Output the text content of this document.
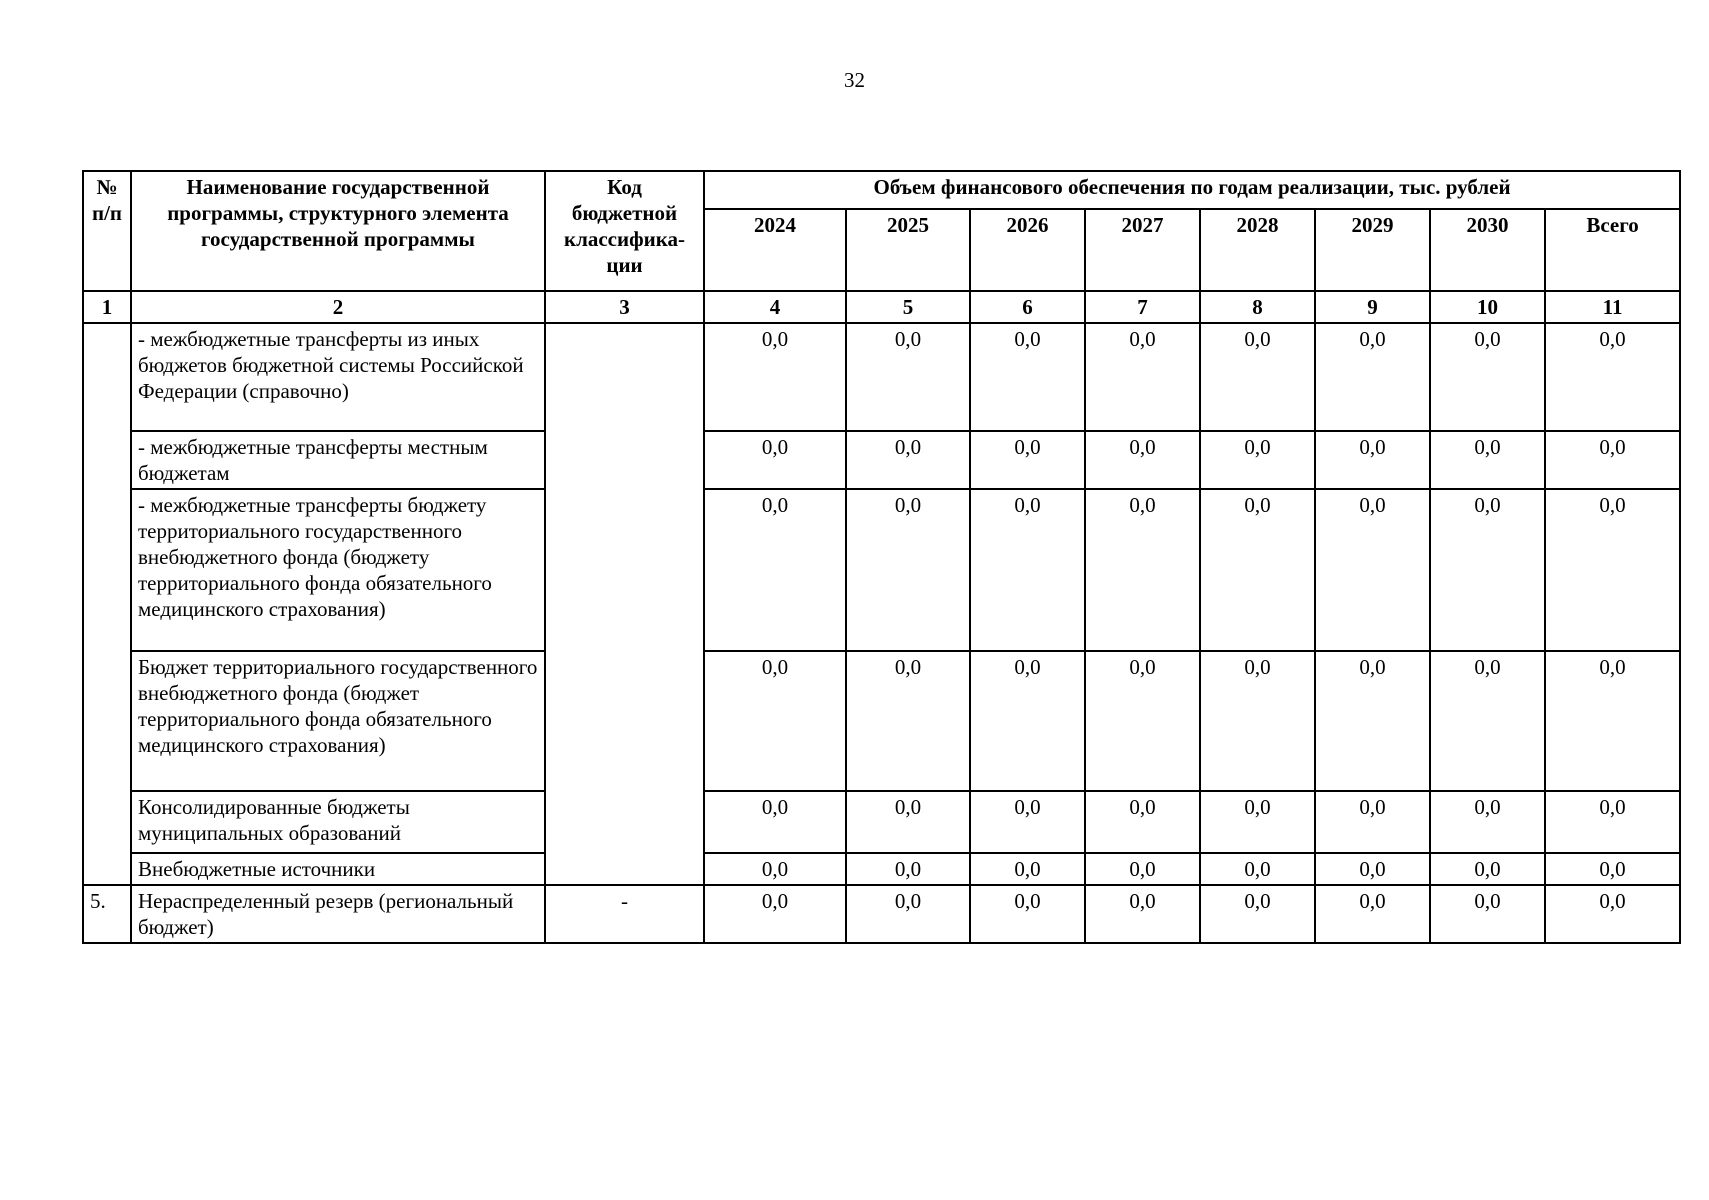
32
№ п/п	Наименование государственной программы, структурного элемента государственной программы	Код бюджетной классифика-ции	Объем финансового обеспечения по годам реализации, тыс. рублей							
			2024	2025	2026	2027	2028	2029	2030	Всего
1	2	3	4	5	6	7	8	9	10	11
	- межбюджетные трансферты из иных бюджетов бюджетной системы Российской Федерации (справочно)		0,0	0,0	0,0	0,0	0,0	0,0	0,0	0,0
	- межбюджетные трансферты местным бюджетам		0,0	0,0	0,0	0,0	0,0	0,0	0,0	0,0
	- межбюджетные трансферты бюджету территориального государственного внебюджетного фонда (бюджету территориального фонда обязательного медицинского страхования)		0,0	0,0	0,0	0,0	0,0	0,0	0,0	0,0
	Бюджет территориального государственного внебюджетного фонда (бюджет территориального фонда обязательного медицинского страхования)		0,0	0,0	0,0	0,0	0,0	0,0	0,0	0,0
	Консолидированные бюджеты муниципальных образований		0,0	0,0	0,0	0,0	0,0	0,0	0,0	0,0
	Внебюджетные источники		0,0	0,0	0,0	0,0	0,0	0,0	0,0	0,0
5.	Нераспределенный резерв (региональный бюджет)	-	0,0	0,0	0,0	0,0	0,0	0,0	0,0	0,0
